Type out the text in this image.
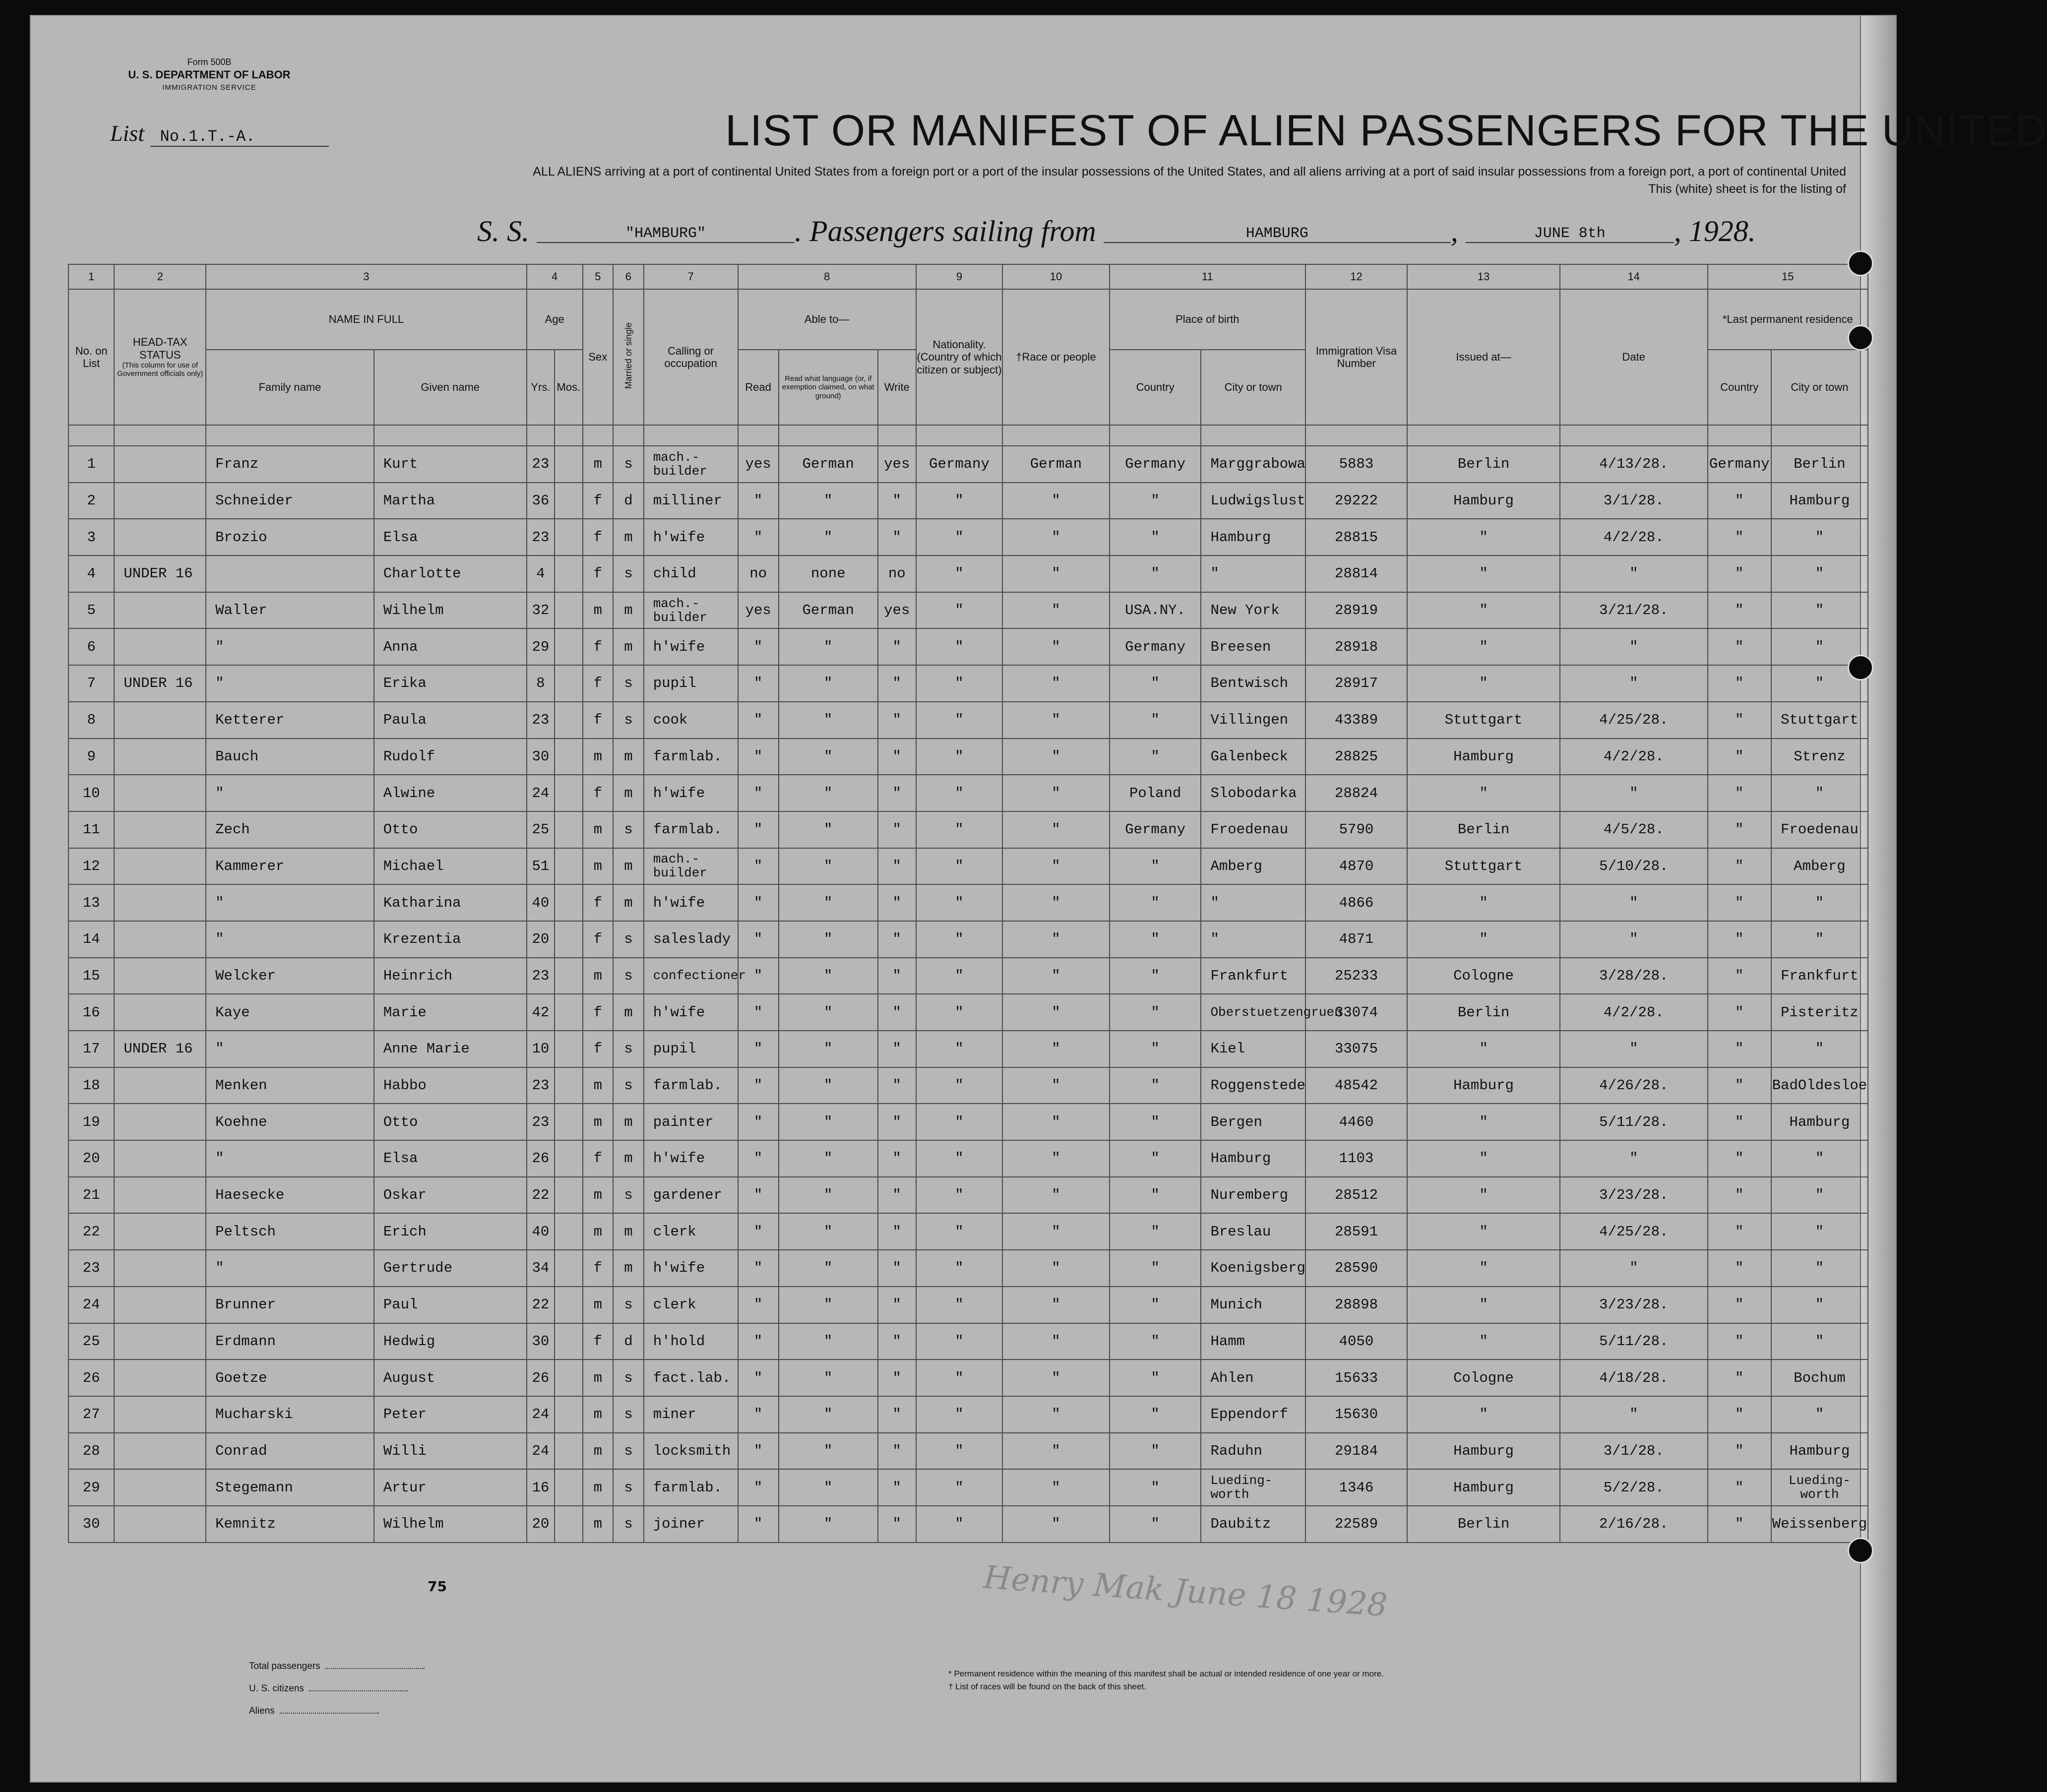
Form 500B
U. S. DEPARTMENT OF LABOR
IMMIGRATION SERVICE
List No.1.T.-A.	LIST OR MANIFEST OF ALIEN PASSENGERS FOR THE UNITED
ALL ALIENS arriving at a port of continental United States from a foreign port or a port of the insular possessions of the United States, and all aliens arriving at a port of said insular possessions from a foreign port, a port of continental United
This (white) sheet is for the listing of
S. S.	"HAMBURG"	. Passengers sailing from	HAMBURG	,	JUNE 8th , 1928.
1	2	3		4		5	6	7	8			9	10	11		12	13	14	15	
No. on List	HEAD-TAX STATUS
(This column for use of Government officials only)	NAME IN FULL		Age		Sex	Married or single	Calling or occupation	Able to—			Nationality. (Country of which citizen or subject)	†Race or people	Place of birth		Immigration Visa Number	Issued at—	Date	*Last permanent residence	
		Family name	Given name	Yrs.	Mos.				Read	Read what language (or, if exemption claimed, on what ground)	Write			Country	City or town				Country	City or town

1		Franz	Kurt	23		m	s	mach.-builder	yes	German	yes	Germany	German	Germany	Marggrabowa	5883	Berlin	4/13/28.	Germany	Berlin
2		Schneider	Martha	36		f	d	milliner	"	"	"	"	"	"	Ludwigslust	29222	Hamburg	3/1/28.	"	Hamburg
3		Brozio	Elsa	23		f	m	h'wife	"	"	"	"	"	"	Hamburg	28815	"	4/2/28.	"	"
4	UNDER 16		Charlotte	4		f	s	child	no	none	no	"	"	"	"	28814	"	"	"	"
5		Waller	Wilhelm	32		m	m	mach.-builder	yes	German	yes	"	"	USA.NY.	New York	28919	"	3/21/28.	"	"
6		"	Anna	29		f	m	h'wife	"	"	"	"	"	Germany	Breesen	28918	"	"	"	"
7	UNDER 16	"	Erika	8		f	s	pupil	"	"	"	"	"	"	Bentwisch	28917	"	"	"	"
8		Ketterer	Paula	23		f	s	cook	"	"	"	"	"	"	Villingen	43389	Stuttgart	4/25/28.	"	Stuttgart
9		Bauch	Rudolf	30		m	m	farmlab.	"	"	"	"	"	"	Galenbeck	28825	Hamburg	4/2/28.	"	Strenz
10		"	Alwine	24		f	m	h'wife	"	"	"	"	"	Poland	Slobodarka	28824	"	"	"	"
11		Zech	Otto	25		m	s	farmlab.	"	"	"	"	"	Germany	Froedenau	5790	Berlin	4/5/28.	"	Froedenau
12		Kammerer	Michael	51		m	m	mach.-builder	"	"	"	"	"	"	Amberg	4870	Stuttgart	5/10/28.	"	Amberg
13		"	Katharina	40		f	m	h'wife	"	"	"	"	"	"	"	4866	"	"	"	"
14		"	Krezentia	20		f	s	saleslady	"	"	"	"	"	"	"	4871	"	"	"	"
15		Welcker	Heinrich	23		m	s	confectioner	"	"	"	"	"	"	Frankfurt	25233	Cologne	3/28/28.	"	Frankfurt
16		Kaye	Marie	42		f	m	h'wife	"	"	"	"	"	"	Oberstuetzengruen	33074	Berlin	4/2/28.	"	Pisteritz
17	UNDER 16	"	Anne Marie	10		f	s	pupil	"	"	"	"	"	"	Kiel	33075	"	"	"	"
18		Menken	Habbo	23		m	s	farmlab.	"	"	"	"	"	"	Roggenstede	48542	Hamburg	4/26/28.	"	BadOldesloe
19		Koehne	Otto	23		m	m	painter	"	"	"	"	"	"	Bergen	4460	"	5/11/28.	"	Hamburg
20		"	Elsa	26		f	m	h'wife	"	"	"	"	"	"	Hamburg	1103	"	"	"	"
21		Haesecke	Oskar	22		m	s	gardener	"	"	"	"	"	"	Nuremberg	28512	"	3/23/28.	"	"
22		Peltsch	Erich	40		m	m	clerk	"	"	"	"	"	"	Breslau	28591	"	4/25/28.	"	"
23		"	Gertrude	34		f	m	h'wife	"	"	"	"	"	"	Koenigsberg	28590	"	"	"	"
24		Brunner	Paul	22		m	s	clerk	"	"	"	"	"	"	Munich	28898	"	3/23/28.	"	"
25		Erdmann	Hedwig	30		f	d	h'hold	"	"	"	"	"	"	Hamm	4050	"	5/11/28.	"	"
26		Goetze	August	26		m	s	fact.lab.	"	"	"	"	"	"	Ahlen	15633	Cologne	4/18/28.	"	Bochum
27		Mucharski	Peter	24		m	s	miner	"	"	"	"	"	"	Eppendorf	15630	"	"	"	"
28		Conrad	Willi	24		m	s	locksmith	"	"	"	"	"	"	Raduhn	29184	Hamburg	3/1/28.	"	Hamburg
29		Stegemann	Artur	16		m	s	farmlab.	"	"	"	"	"	"	Lueding-worth	1346	Hamburg	5/2/28.	"	Lueding-worth
30		Kemnitz	Wilhelm	20		m	s	joiner	"	"	"	"	"	"	Daubitz	22589	Berlin	2/16/28.	"	Weissenberg
Total passengers
U. S. citizens
Aliens
* Permanent residence within the meaning of this manifest shall be actual or intended residence of one year or more.
† List of races will be found on the back of this sheet.
Henry Mak June 18 1928
75
